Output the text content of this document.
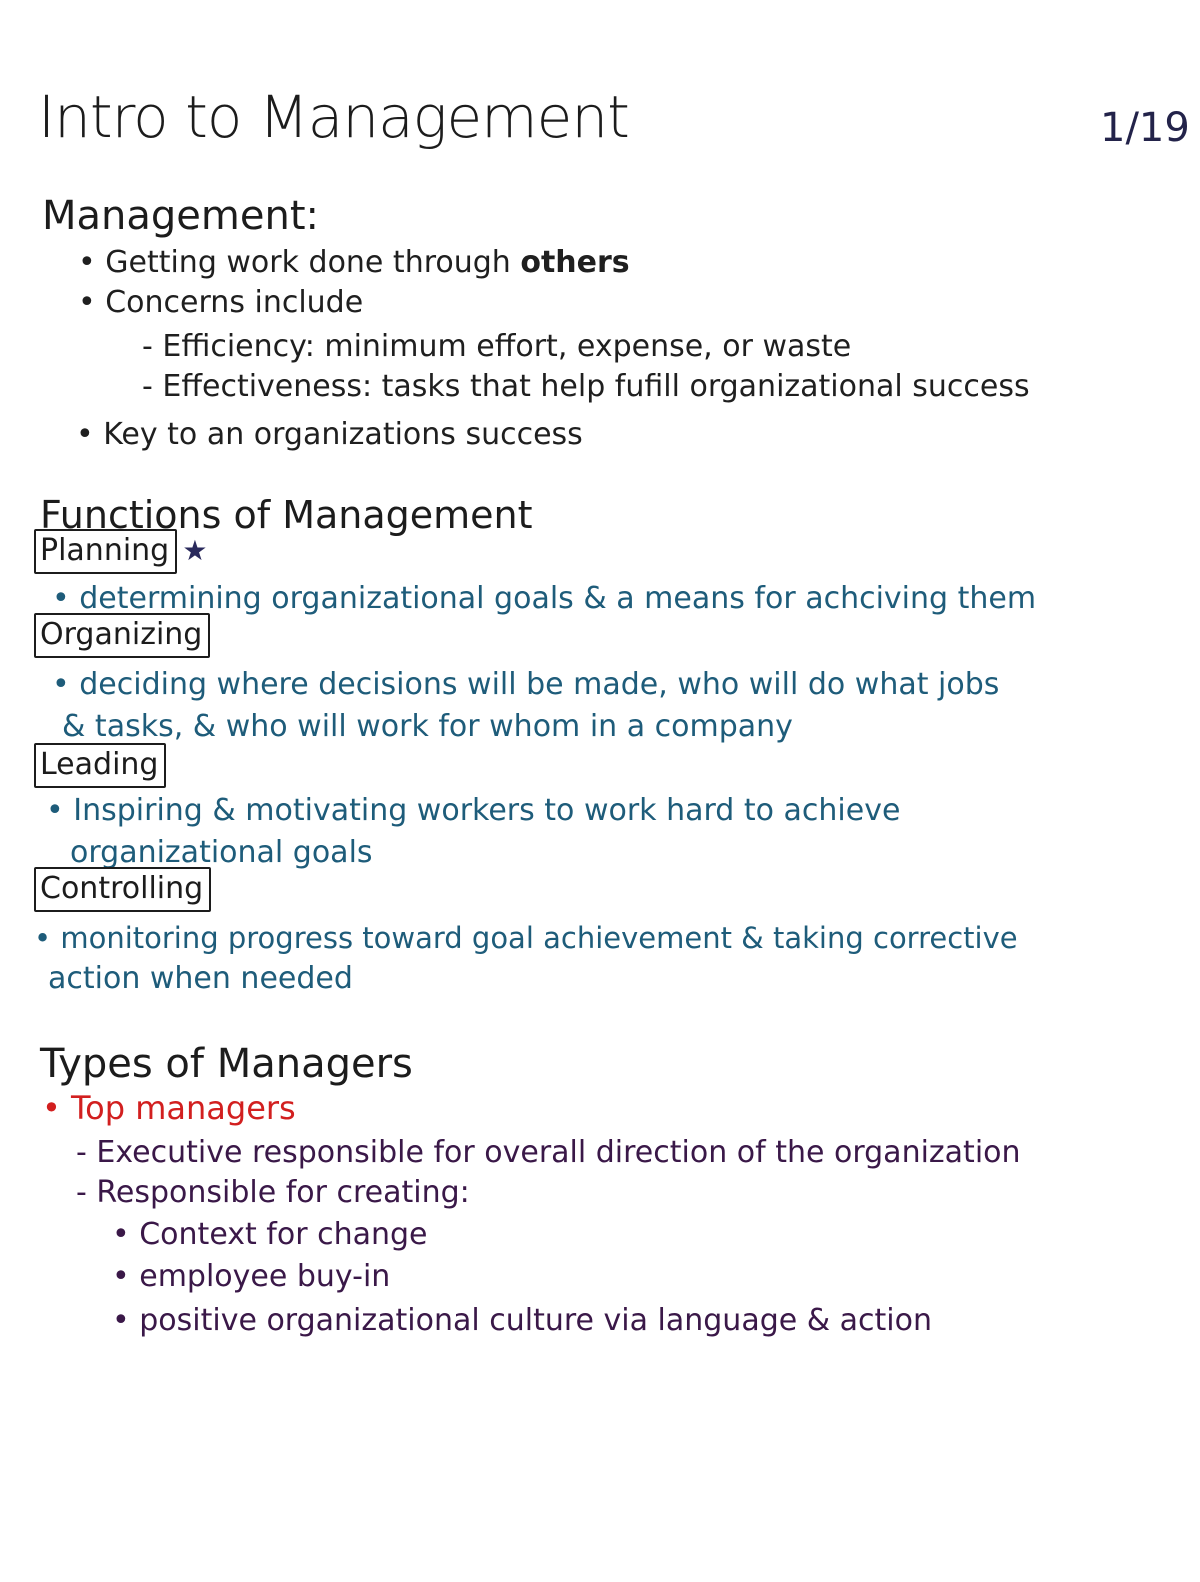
Intro to Management	1/19
Management:
• Getting work done through others
• Concerns include
- Efficiency: minimum effort, expense, or waste
- Effectiveness: tasks that help fufill organizational success
• Key to an organizations success
Functions of Management
Planning ★
• determining organizational goals & a means for achciving them
Organizing
• deciding where decisions will be made, who will do what jobs
& tasks, & who will work for whom in a company
Leading
• Inspiring & motivating workers to work hard to achieve
organizational goals
Controlling
• monitoring progress toward goal achievement & taking corrective
action when needed
Types of Managers
• Top managers
- Executive responsible for overall direction of the organization
- Responsible for creating:
• Context for change
• employee buy-in
• positive organizational culture via language & action
